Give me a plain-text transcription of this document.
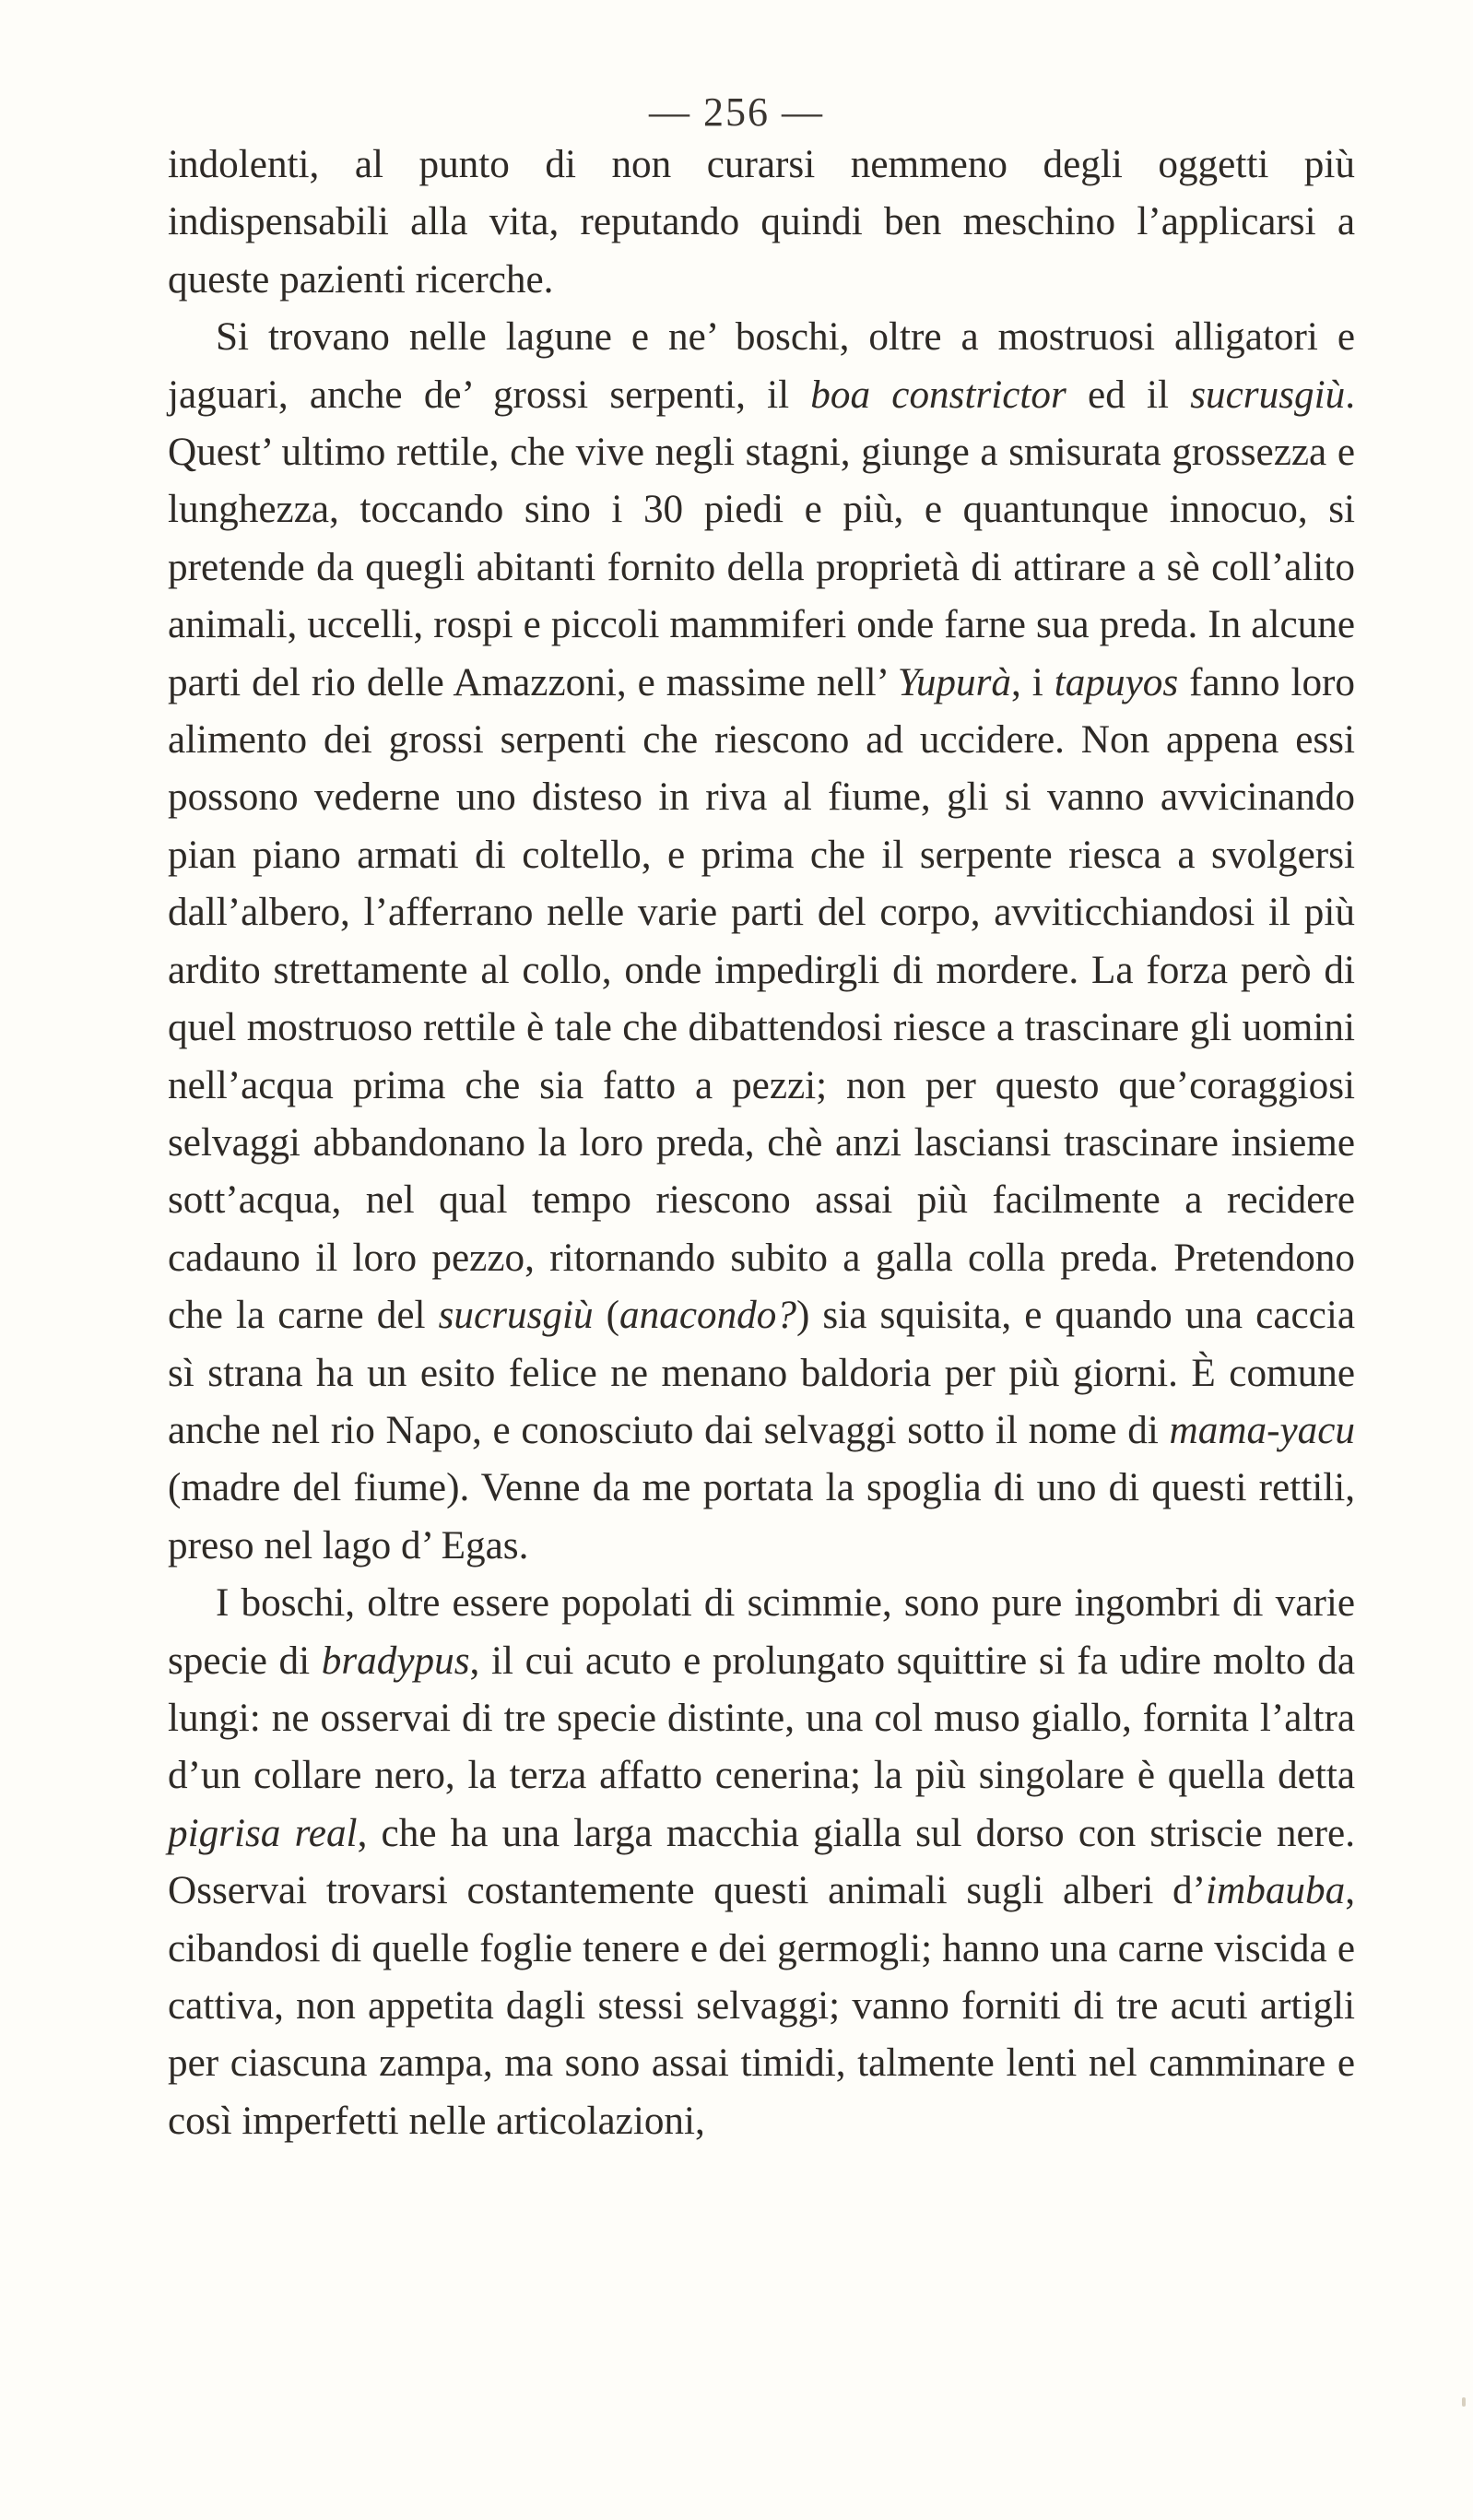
— 256 —

indolenti, al punto di non curarsi nemmeno degli oggetti più indispensabili alla vita, reputando quindi ben meschino l’applicarsi a queste pazienti ricerche.

Si trovano nelle lagune e ne’ boschi, oltre a mostruosi alligatori e jaguari, anche de’ grossi serpenti, il boa constrictor ed il sucrusgiù. Quest’ ultimo rettile, che vive negli stagni, giunge a smisurata grossezza e lunghezza, toccando sino i 30 piedi e più, e quantunque innocuo, si pretende da quegli abitanti fornito della proprietà di attirare a sè coll’alito animali, uccelli, rospi e piccoli mammiferi onde farne sua preda. In alcune parti del rio delle Amazzoni, e massime nell’ Yupurà, i tapuyos fanno loro alimento dei grossi serpenti che riescono ad uccidere. Non appena essi possono vederne uno disteso in riva al fiume, gli si vanno avvicinando pian piano armati di coltello, e prima che il serpente riesca a svolgersi dall’albero, l’afferrano nelle varie parti del corpo, avviticchiandosi il più ardito strettamente al collo, onde impedirgli di mordere. La forza però di quel mostruoso rettile è tale che dibattendosi riesce a trascinare gli uomini nell’acqua prima che sia fatto a pezzi; non per questo que’coraggiosi selvaggi abbandonano la loro preda, chè anzi lasciansi trascinare insieme sott’acqua, nel qual tempo riescono assai più facilmente a recidere cadauno il loro pezzo, ritornando subito a galla colla preda. Pretendono che la carne del sucrusgiù (anacondo?) sia squisita, e quando una caccia sì strana ha un esito felice ne menano baldoria per più giorni. È comune anche nel rio Napo, e conosciuto dai selvaggi sotto il nome di mama-yacu (madre del fiume). Venne da me portata la spoglia di uno di questi rettili, preso nel lago d’ Egas.

I boschi, oltre essere popolati di scimmie, sono pure ingombri di varie specie di bradypus, il cui acuto e prolungato squittire si fa udire molto da lungi: ne osservai di tre specie distinte, una col muso giallo, fornita l’altra d’un collare nero, la terza affatto cenerina; la più singolare è quella detta pigrisa real, che ha una larga macchia gialla sul dorso con striscie nere. Osservai trovarsi costantemente questi animali sugli alberi d’imbauba, cibandosi di quelle foglie tenere e dei germogli; hanno una carne viscida e cattiva, non appetita dagli stessi selvaggi; vanno forniti di tre acuti artigli per ciascuna zampa, ma sono assai timidi, talmente lenti nel camminare e così imperfetti nelle articolazioni,
